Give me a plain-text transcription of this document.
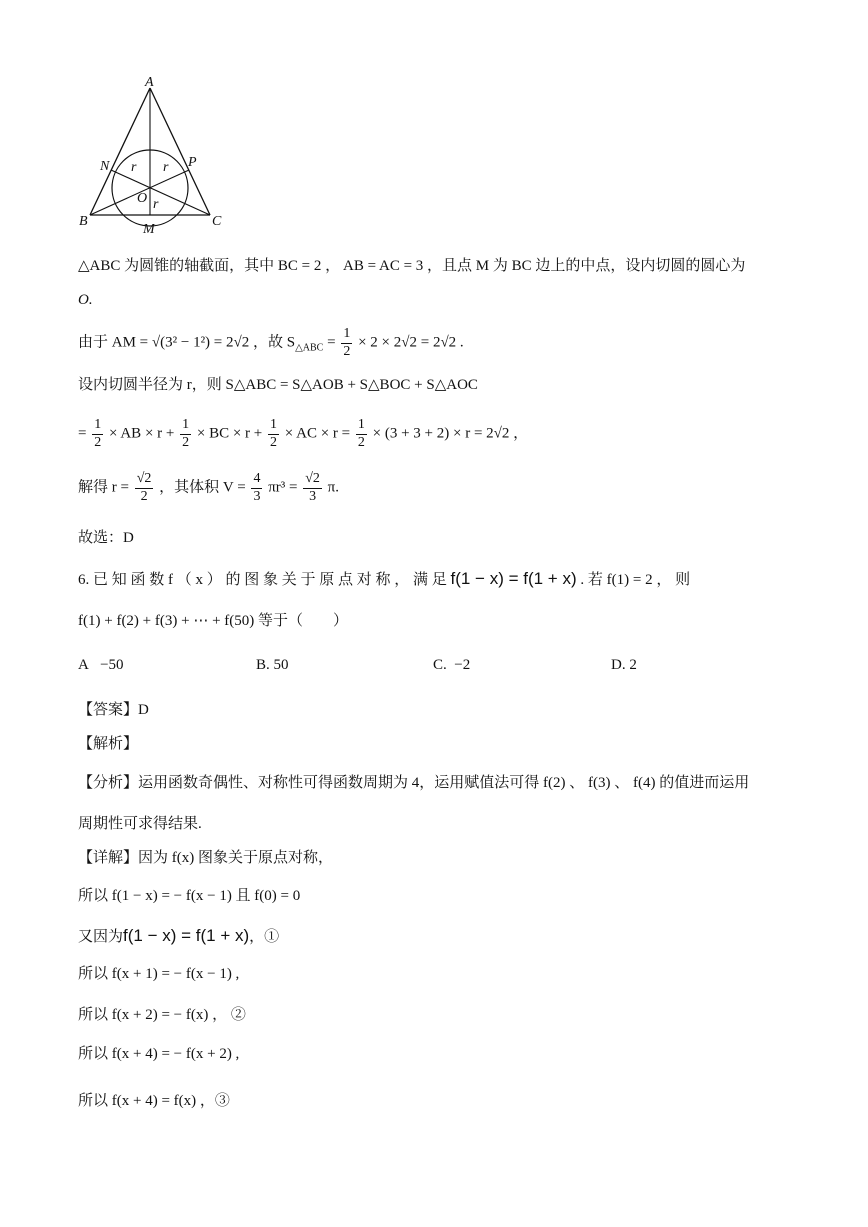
A
N	P
r r
O r
B	C
M
△ABC 为圆锥的轴截面，其中 BC = 2 ， AB = AC = 3 ，且点 M 为 BC 边上的中点，设内切圆的圆心为
O.
由于 AM = √(3² − 1²) = 2√2 ，故 $S_{\triangle ABC} = \frac{1}{2} \times 2 \times 2√2 = 2√2$ .
设内切圆半径为 r，则 S△ABC = S△AOB + S△BOC + S△AOC
= $\frac{1}{2}$ × AB × $r + \frac{1}{2}$ × BC × $r + \frac{1}{2}$ × AC × $r = \frac{1}{2} \times (3 + 3 + 2) \times r = 2√2$ ，
解得 $r = \frac{√2}{2}$ ，其体积 $V = \frac{4}{3} \pi r^3 = \frac{√2}{3} \pi$.
故选：D
6. 已 知 函 数 f （ x ） 的 图 象 关 于 原 点 对 称 ， 满 足 f(1 − x) = f(1 + x) . 若 f(1) = 2 ， 则
f(1) + f(2) + f(3) + ⋯ + f(50) 等于（　　）
A −50	B. 50	C. −2	D. 2
【答案】D
【解析】
【分析】运用函数奇偶性、对称性可得函数周期为 4，运用赋值法可得 f(2) 、 f(3) 、 f(4) 的值进而运用
周期性可求得结果.
【详解】因为 f(x) 图象关于原点对称，
所以 f(1 − x) = − f(x − 1) 且 f(0) = 0
又因为f(1 − x) = f(1 + x)，①
所以 f(x + 1) = − f(x − 1) ,
所以 f(x + 2) = − f(x) ， ②
所以 f(x + 4) = − f(x + 2) ,
所以 f(x + 4) = f(x) ，③
